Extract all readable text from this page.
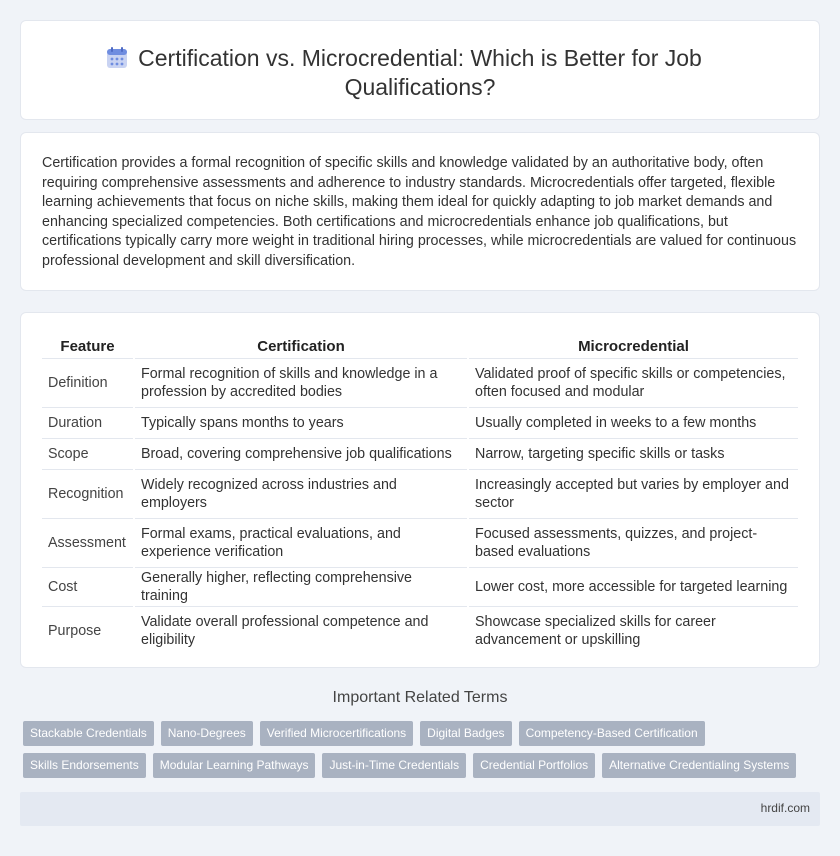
Certification vs. Microcredential: Which is Better for Job Qualifications?

Certification provides a formal recognition of specific skills and knowledge validated by an authoritative body, often requiring comprehensive assessments and adherence to industry standards. Microcredentials offer targeted, flexible learning achievements that focus on niche skills, making them ideal for quickly adapting to job market demands and enhancing specialized competencies. Both certifications and microcredentials enhance job qualifications, but certifications typically carry more weight in traditional hiring processes, while microcredentials are valued for continuous professional development and skill diversification.

Feature	Certification	Microcredential
Definition	Formal recognition of skills and knowledge in a profession by accredited bodies	Validated proof of specific skills or competencies, often focused and modular
Duration	Typically spans months to years	Usually completed in weeks to a few months
Scope	Broad, covering comprehensive job qualifications	Narrow, targeting specific skills or tasks
Recognition	Widely recognized across industries and employers	Increasingly accepted but varies by employer and sector
Assessment	Formal exams, practical evaluations, and experience verification	Focused assessments, quizzes, and project-based evaluations
Cost	Generally higher, reflecting comprehensive training	Lower cost, more accessible for targeted learning
Purpose	Validate overall professional competence and eligibility	Showcase specialized skills for career advancement or upskilling
Important Related Terms
Stackable Credentials	Nano-Degrees	Verified Microcertifications	Digital Badges	Competency-Based Certification
Skills Endorsements	Modular Learning Pathways	Just-in-Time Credentials	Credential Portfolios	Alternative Credentialing Systems
hrdif.com
